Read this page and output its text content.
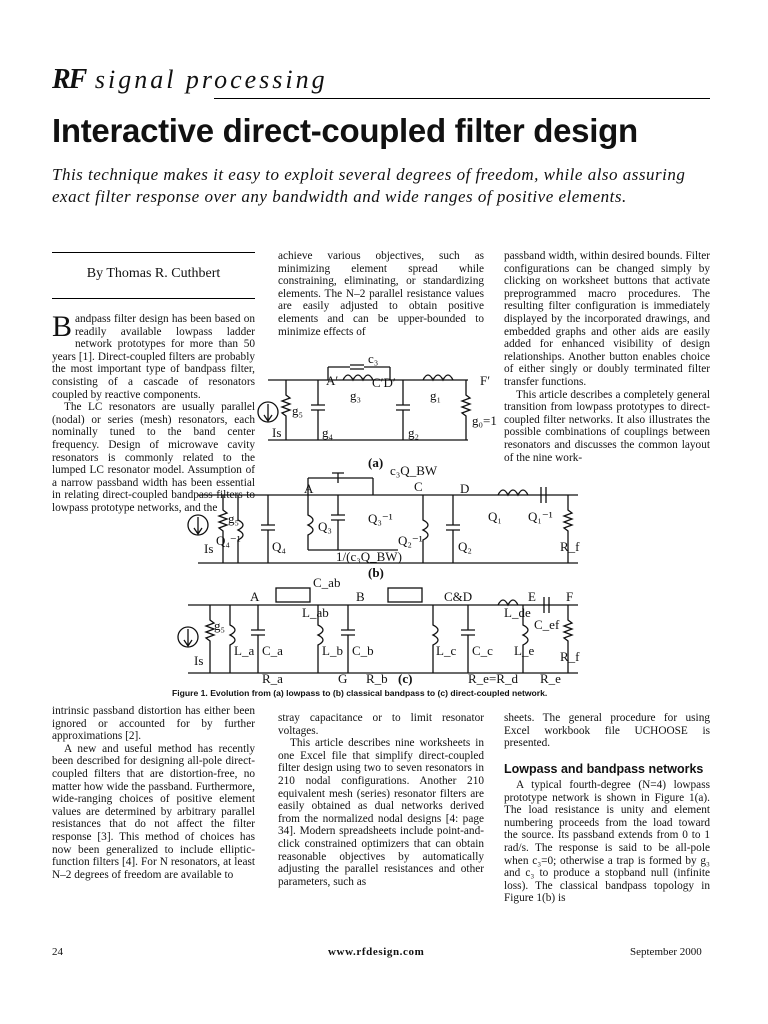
RF signal processing
Interactive direct-coupled filter design
This technique makes it easy to exploit several degrees of freedom, while also assuring exact filter response over any bandwidth and wide ranges of positive elements.
By Thomas R. Cuthbert

Bandpass filter design has been based on readily available lowpass ladder network prototypes for more than 50 years [1]. Direct-coupled filters are probably the most important type of bandpass filter, consisting of a cascade of resonators coupled by reactive components.

The LC resonators are usually parallel (nodal) or series (mesh) resonators, each nominally tuned to the band center frequency. Design of microwave cavity resonators is commonly related to the lumped LC resonator model. Assumption of a narrow passband width has been essential in relating direct-coupled bandpass filters to lowpass prototype networks, and the

intrinsic passband distortion has either been ignored or accounted for by further approximations [2].

A new and useful method has recently been described for designing all-pole direct-coupled filters that are distortion-free, no matter how wide the passband. Furthermore, wide-ranging choices of positive element values are determined by arbitrary parallel resistances that do not affect the filter response [3]. This method of choices has now been generalized to include elliptic-function filters [4]. For N resonators, at least N–2 degrees of freedom are available to

achieve various objectives, such as minimizing element spread while constraining, eliminating, or standardizing elements. The N–2 parallel resistance values are easily adjusted to obtain positive elements and can be upper-bounded to minimize effects of

stray capacitance or to limit resonator voltages.

This article describes nine worksheets in one Excel file that simplify direct-coupled filter design using two to seven resonators in 210 nodal configurations. Another 210 equivalent mesh (series) resonator filters are easily obtained as dual networks derived from the normalized nodal designs [4: page 34]. Modern spreadsheets include point-and-click constrained optimizers that can obtain reasonable objectives by automatically adjusting the parallel resistances and other parameters, such as

passband width, within desired bounds. Filter configurations can be changed simply by clicking on worksheet buttons that activate preprogrammed macro procedures. The resulting filter configuration is immediately displayed by the incorporated drawings, and embedded graphs and other aids are easily added for enhanced visibility of design relationships. Another button enables choice of either singly or doubly terminated filter transfer functions.

This article describes a completely general transition from lowpass prototypes to direct-coupled filter networks. It also illustrates the possible combinations of couplings between resonators and discusses the common layout of the nine work-

sheets. The general procedure for using Excel workbook file UCHOOSE is presented.

Lowpass and bandpass networks
A typical fourth-degree (N=4) lowpass prototype network is shown in Figure 1(a). The load resistance is unity and element numbering proceeds from the load toward the source. Its passband extends from 0 to 1 rad/s. The response is said to be all-pole when c₃=0; otherwise a trap is formed by g₃ and c₃ to produce a stopband null (infinite loss). The classical bandpass topology in Figure 1(b) is
A′
c₃
C′D′	F′
g₅
g₄
g₃
g₂
g₁
g₀=1
Is
(a)
A	C	D
c₃Q_BW
g₅
Q₄⁻¹ Q₄
Q₃
Q₃⁻¹
Q₂⁻¹	Q₂
Q₁ Q₁⁻¹
R_f
1/(c₃Q_BW)
Is
(b)
A	B	C&D	E F
G
g₅
L_a C_a
R_a
C_ab
L_ab
L_b C_b
R_b
L_c C_c
R_e=R_d
L_de
L_e
C_ef
R_e
R_f
Is
(c)
Figure 1. Evolution from (a) lowpass to (b) classical bandpass to (c) direct-coupled network.
24	www.rfdesign.com	September 2000
